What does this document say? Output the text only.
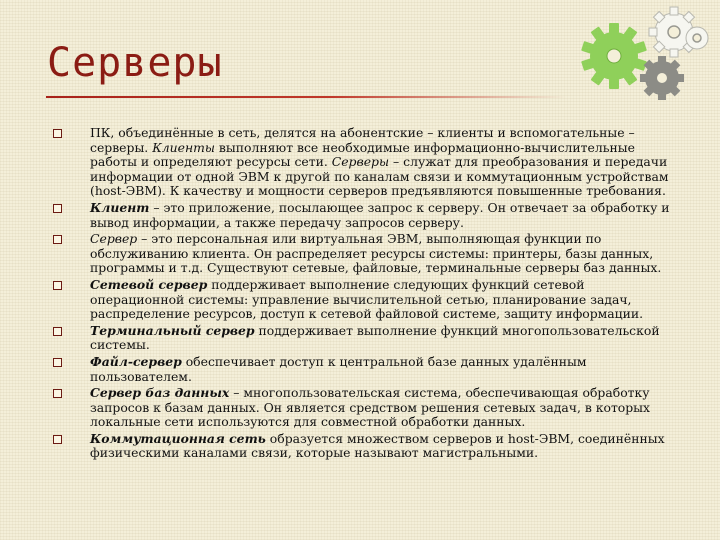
Серверы
ПК, объединённые в сеть, делятся на абонентские – клиенты и вспомогательные – серверы. Клиенты выполняют все необходимые информационно-вычислительные работы и определяют ресурсы сети. Серверы – служат для преобразования и передачи информации от одной ЭВМ к другой по каналам связи и коммутационным устройствам (host-ЭВМ). К качеству и мощности серверов предъявляются повышенные требования.
Клиент – это приложение, посылающее запрос к серверу. Он отвечает за обработку и вывод информации, а также передачу запросов серверу.
Сервер – это персональная или виртуальная ЭВМ, выполняющая функции по обслуживанию клиента. Он распределяет ресурсы системы: принтеры, базы данных, программы и т.д. Существуют сетевые, файловые, терминальные серверы баз данных.
Сетевой сервер поддерживает выполнение следующих функций сетевой операционной системы: управление вычислительной сетью, планирование задач, распределение ресурсов, доступ к сетевой файловой системе, защиту информации.
Терминальный сервер поддерживает выполнение функций многопользовательской системы.
Файл-сервер обеспечивает доступ к центральной базе данных удалённым пользователем.
Сервер баз данных – многопользовательская система, обеспечивающая обработку запросов к базам данных. Он является средством решения сетевых задач, в которых локальные сети используются для совместной обработки данных.
Коммутационная сеть образуется множеством серверов и host-ЭВМ, соединённых физическими каналами связи, которые называют магистральными.
